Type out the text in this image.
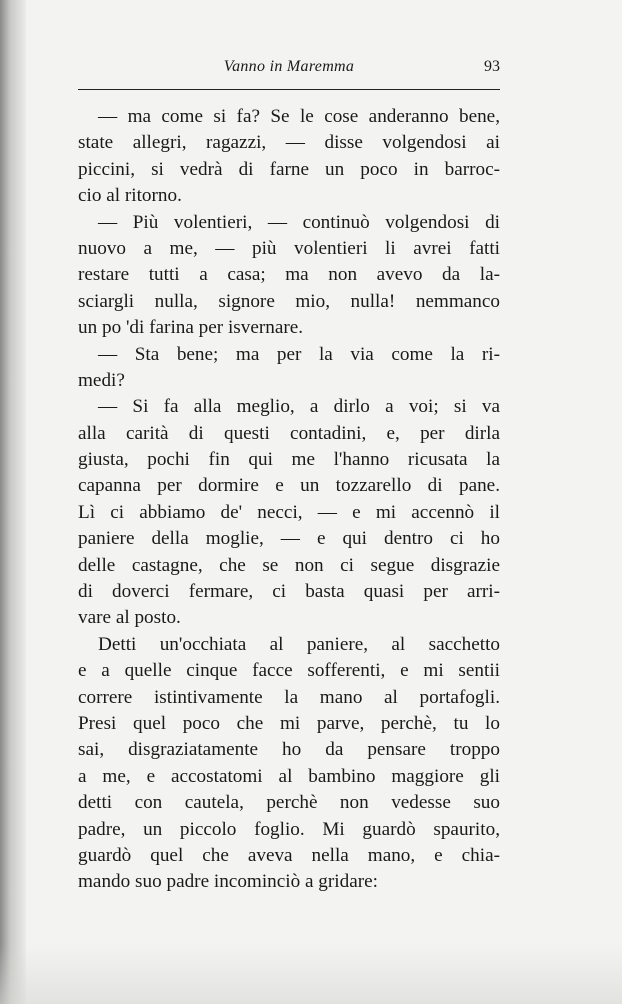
Vanno in Maremma	93
— ma come si fa? Se le cose anderanno bene,
state allegri, ragazzi, — disse volgendosi ai
piccini, si vedrà di farne un poco in barroc-
cio al ritorno.
— Più volentieri, — continuò volgendosi di
nuovo a me, — più volentieri li avrei fatti
restare tutti a casa; ma non avevo da la-
sciargli nulla, signore mio, nulla! nemmanco
un po 'di farina per isvernare.
— Sta bene; ma per la via come la ri-
medi?
— Si fa alla meglio, a dirlo a voi; si va
alla carità di questi contadini, e, per dirla
giusta, pochi fin qui me l'hanno ricusata la
capanna per dormire e un tozzarello di pane.
Lì ci abbiamo de' necci, — e mi accennò il
paniere della moglie, — e qui dentro ci ho
delle castagne, che se non ci segue disgrazie
di doverci fermare, ci basta quasi per arri-
vare al posto.
Detti un'occhiata al paniere, al sacchetto
e a quelle cinque facce sofferenti, e mi sentii
correre istintivamente la mano al portafogli.
Presi quel poco che mi parve, perchè, tu lo
sai, disgraziatamente ho da pensare troppo
a me, e accostatomi al bambino maggiore gli
detti con cautela, perchè non vedesse suo
padre, un piccolo foglio. Mi guardò spaurito,
guardò quel che aveva nella mano, e chia-
mando suo padre incominciò a gridare:
